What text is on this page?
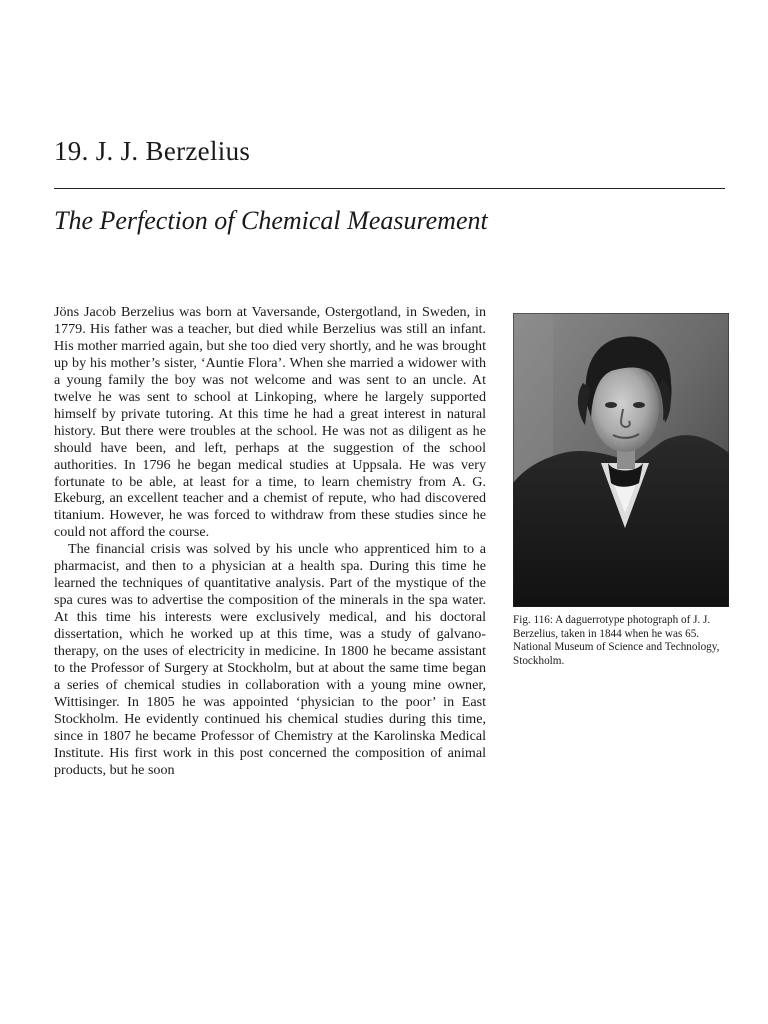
19. J. J. Berzelius
The Perfection of Chemical Measurement

Jöns Jacob Berzelius was born at Vaversande, Ostergotland, in Sweden, in 1779. His father was a teacher, but died while Berzelius was still an infant. His mother married again, but she too died very shortly, and he was brought up by his mother’s sister, ‘Auntie Flora’. When she married a widower with a young family the boy was not welcome and was sent to an uncle. At twelve he was sent to school at Linkoping, where he largely supported himself by private tutoring. At this time he had a great interest in natural history. But there were troubles at the school. He was not as diligent as he should have been, and left, perhaps at the suggestion of the school authorities. In 1796 he began medical studies at Uppsala. He was very fortunate to be able, at least for a time, to learn chemistry from A. G. Ekeburg, an excellent teacher and a chemist of repute, who had discovered titanium. However, he was forced to withdraw from these studies since he could not afford the course.

The financial crisis was solved by his uncle who apprenticed him to a pharmacist, and then to a physician at a health spa. During this time he learned the techniques of quantitative analysis. Part of the mystique of the spa cures was to advertise the composition of the minerals in the spa water. At this time his interests were exclusively medical, and his doctoral dissertation, which he worked up at this time, was a study of galvano-therapy, on the uses of electricity in medicine. In 1800 he became assistant to the Professor of Surgery at Stockholm, but at about the same time began a series of chemical studies in collaboration with a young mine owner, Wittisinger. In 1805 he was appointed ‘physician to the poor’ in East Stockholm. He evidently continued his chemical studies during this time, since in 1807 he became Professor of Chemistry at the Karolinska Medical Institute. His first work in this post concerned the composition of animal products, but he soon

Fig. 116: A daguerrotype photograph of J. J. Berzelius, taken in 1844 when he was 65. National Museum of Science and Technology, Stockholm.
